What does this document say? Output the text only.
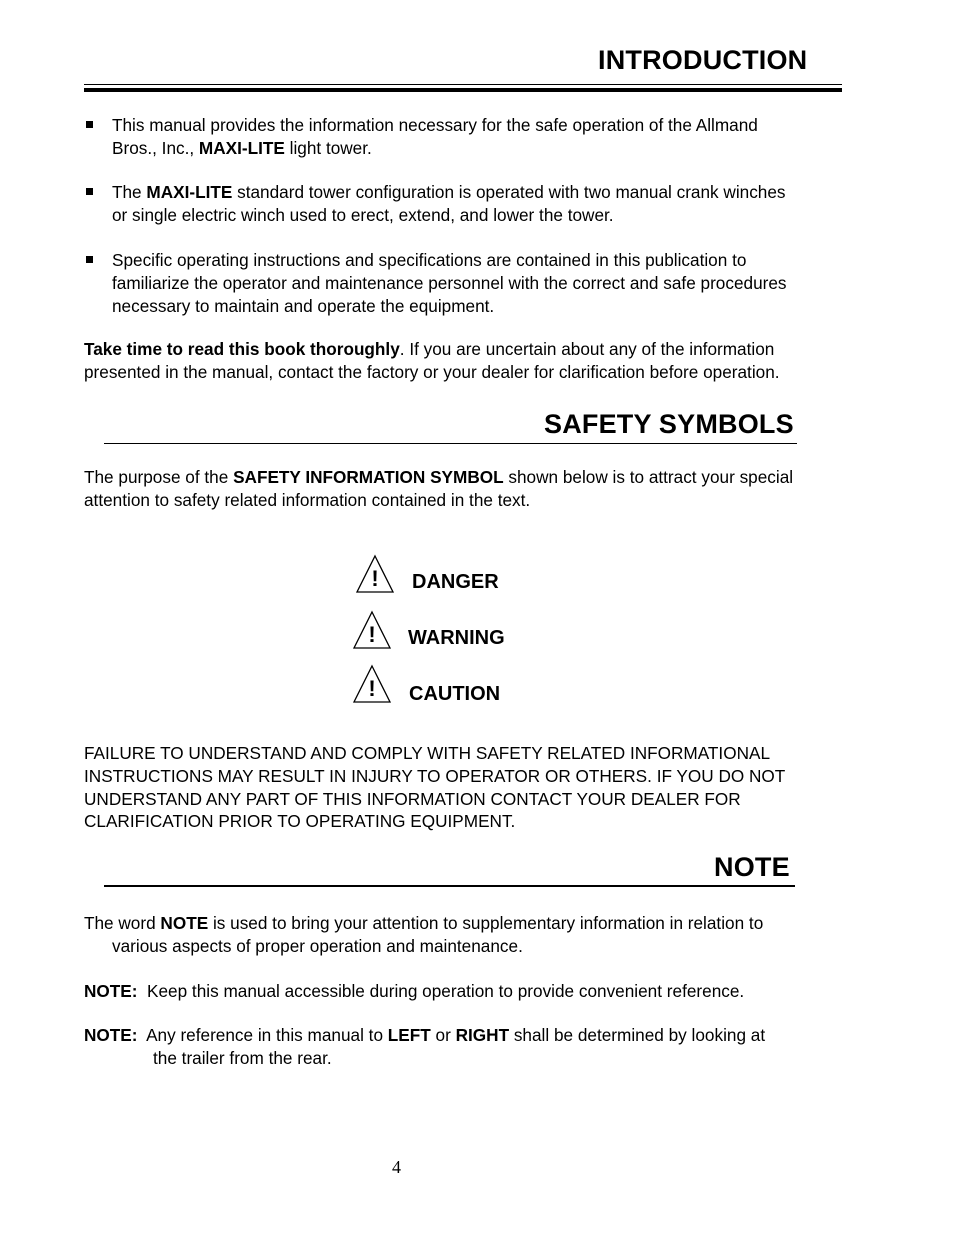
INTRODUCTION
This manual provides the information necessary for the safe operation of the Allmand
Bros., Inc., MAXI-LITE light tower.
The MAXI-LITE standard tower configuration is operated with two manual crank winches
or single electric winch used to erect, extend, and lower the tower.
Specific operating instructions and specifications are contained in this publication to
familiarize the operator and maintenance personnel with the correct and safe procedures
necessary to maintain and operate the equipment.
Take time to read this book thoroughly. If you are uncertain about any of the information
presented in the manual, contact the factory or your dealer for clarification before operation.
SAFETY SYMBOLS
The purpose of the SAFETY INFORMATION SYMBOL shown below is to attract your special
attention to safety related information contained in the text.
! DANGER
! WARNING
! CAUTION
FAILURE TO UNDERSTAND AND COMPLY WITH SAFETY RELATED INFORMATIONAL
INSTRUCTIONS MAY RESULT IN INJURY TO OPERATOR OR OTHERS. IF YOU DO NOT
UNDERSTAND ANY PART OF THIS INFORMATION CONTACT YOUR DEALER FOR
CLARIFICATION PRIOR TO OPERATING EQUIPMENT.
NOTE
The word NOTE is used to bring your attention to supplementary information in relation to
various aspects of proper operation and maintenance.
NOTE:  Keep this manual accessible during operation to provide convenient reference.
NOTE:  Any reference in this manual to LEFT or RIGHT shall be determined by looking at
the trailer from the rear.
4
